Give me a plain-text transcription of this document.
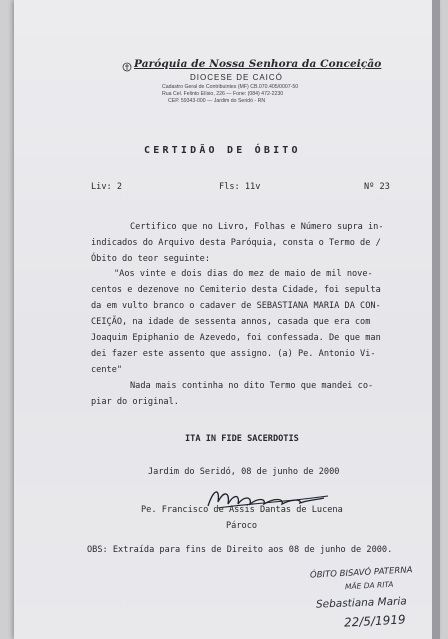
Paróquia de Nossa Senhora da Conceição
DIOCESE DE CAICÓ
Cadastro Geral de Contribuintes (MF) CB.070.405/0007-50
Rua Cel. Felinto Elísio, 226 — Fone: (084) 472-2230
CEP. 59343-000 — Jardim do Seridó - RN
CERTIDÃO DE ÓBITO
Liv: 2	Fls: 11v	Nº 23
Certifico que no Livro, Folhas e Número supra in-
indicados do Arquivo desta Paróquia, consta o Termo de /
Óbito do teor seguinte:
"Aos vinte e dois dias do mez de maio de mil nove-
centos e dezenove no Cemiterio desta Cidade, foi sepulta
da em vulto branco o cadaver de SEBASTIANA MARIA DA CON-
CEIÇÃO, na idade de sessenta annos, casada que era com
Joaquim Epiphanio de Azevedo, foi confessada. De que man
dei fazer este assento que assigno. (a) Pe. Antonio Vi-
cente"
Nada mais continha no dito Termo que mandei co-
piar do original.
ITA IN FIDE SACERDOTIS
Jardim do Seridó, 08 de junho de 2000
Pe. Francisco de Assis Dantas de Lucena
Pároco
OBS: Extraída para fins de Direito aos 08 de junho de 2000.
ÓBITO BISAVÓ PATERNA
MÃE DA RITA
Sebastiana Maria
22/5/1919
